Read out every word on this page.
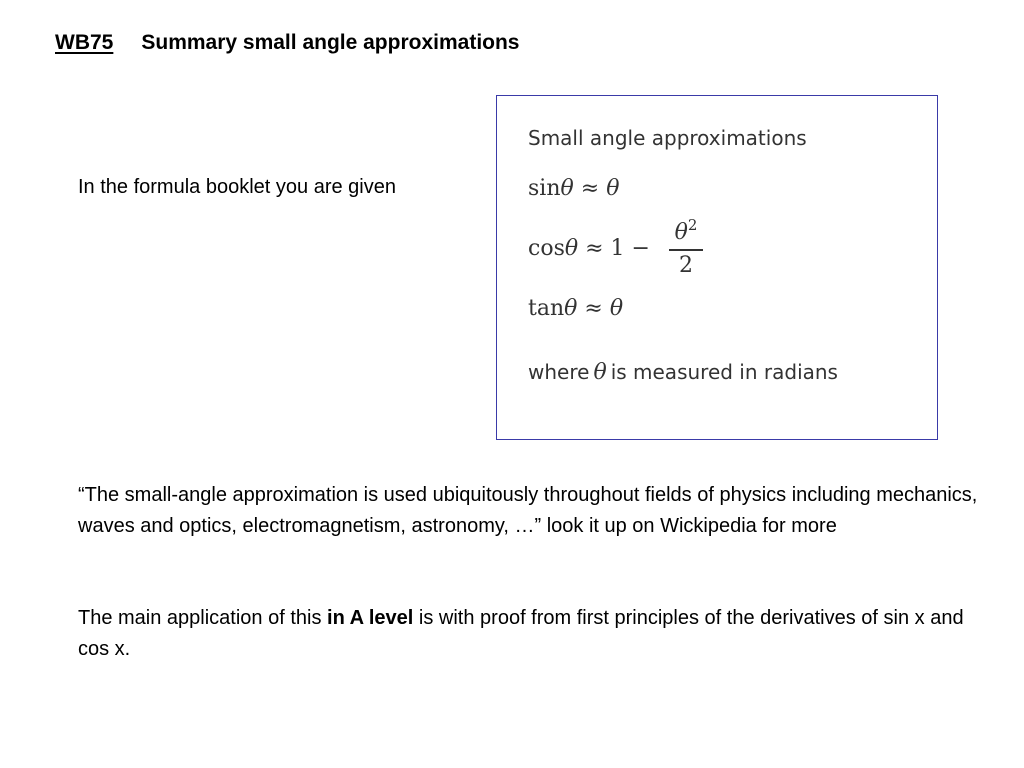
WB75 Summary small angle approximations
In the formula booklet you are given
Small angle approximations
sinθ ≈ θ
cosθ ≈ 1 −
$\theta^2$
2
tanθ ≈ θ
where θ is measured in radians
“The small-angle approximation is used ubiquitously throughout fields of physics including mechanics, waves and optics, electromagnetism, astronomy, …” look it up on Wickipedia for more
The main application of this in A level is with proof from first principles of the derivatives of sin x and cos x.
